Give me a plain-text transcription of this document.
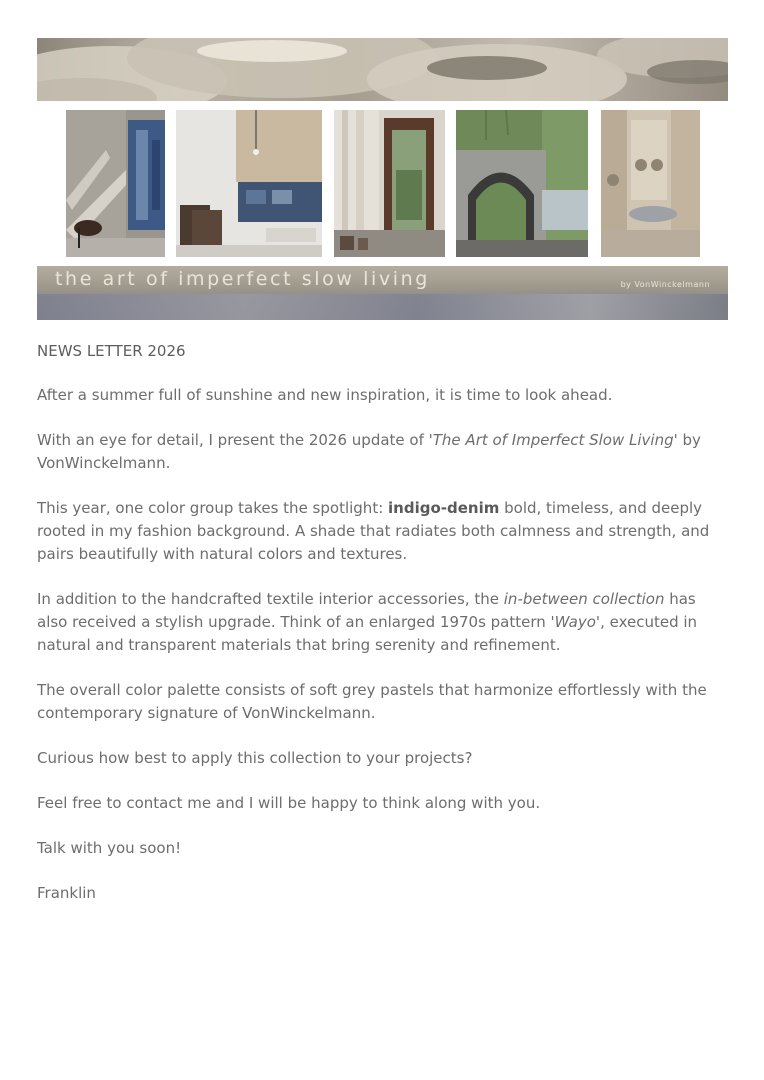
the art of imperfect slow living	by VonWinckelmann

NEWS LETTER 2026

After a summer full of sunshine and new inspiration, it is time to look ahead.

With an eye for detail, I present the 2026 update of 'The Art of Imperfect Slow Living' by VonWinckelmann.

This year, one color group takes the spotlight: indigo-denim bold, timeless, and deeply rooted in my fashion background. A shade that radiates both calmness and strength, and pairs beautifully with natural colors and textures.

In addition to the handcrafted textile interior accessories, the in-between collection has also received a stylish upgrade. Think of an enlarged 1970s pattern 'Wayo', executed in natural and transparent materials that bring serenity and refinement.

The overall color palette consists of soft grey pastels that harmonize effortlessly with the contemporary signature of VonWinckelmann.

Curious how best to apply this collection to your projects?

Feel free to contact me and I will be happy to think along with you.

Talk with you soon!

Franklin
